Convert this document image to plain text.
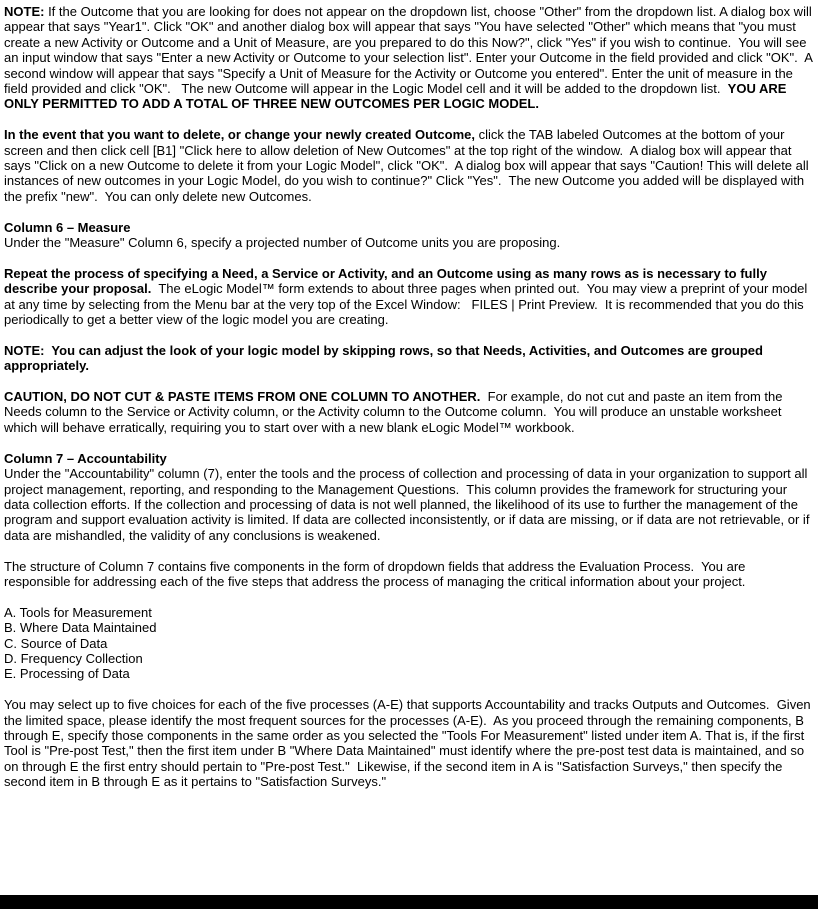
NOTE: If the Outcome that you are looking for does not appear on the dropdown list, choose "Other" from the dropdown list. A dialog box will appear that says "Year1". Click "OK" and another dialog box will appear that says "You have selected "Other" which means that "you must create a new Activity or Outcome and a Unit of Measure, are you prepared to do this Now?", click "Yes" if you wish to continue.  You will see an input window that says "Enter a new Activity or Outcome to your selection list". Enter your Outcome in the field provided and click "OK".  A second window will appear that says "Specify a Unit of Measure for the Activity or Outcome you entered". Enter the unit of measure in the field provided and click "OK".   The new Outcome will appear in the Logic Model cell and it will be added to the dropdown list.  YOU ARE ONLY PERMITTED TO ADD A TOTAL OF THREE NEW OUTCOMES PER LOGIC MODEL.
In the event that you want to delete, or change your newly created Outcome, click the TAB labeled Outcomes at the bottom of your screen and then click cell [B1] "Click here to allow deletion of New Outcomes" at the top right of the window.  A dialog box will appear that says "Click on a new Outcome to delete it from your Logic Model", click "OK".  A dialog box will appear that says "Caution! This will delete all instances of new outcomes in your Logic Model, do you wish to continue?" Click "Yes".  The new Outcome you added will be displayed with the prefix "new".  You can only delete new Outcomes.
Column 6 – Measure
Under the "Measure" Column 6, specify a projected number of Outcome units you are proposing.
Repeat the process of specifying a Need, a Service or Activity, and an Outcome using as many rows as is necessary to fully describe your proposal.  The eLogic Model™ form extends to about three pages when printed out.  You may view a preprint of your model at any time by selecting from the Menu bar at the very top of the Excel Window:   FILES | Print Preview.  It is recommended that you do this periodically to get a better view of the logic model you are creating.
NOTE:  You can adjust the look of your logic model by skipping rows, so that Needs, Activities, and Outcomes are grouped appropriately.
CAUTION, DO NOT CUT & PASTE ITEMS FROM ONE COLUMN TO ANOTHER.  For example, do not cut and paste an item from the Needs column to the Service or Activity column, or the Activity column to the Outcome column.  You will produce an unstable worksheet which will behave erratically, requiring you to start over with a new blank eLogic Model™ workbook.
Column 7 – Accountability
Under the "Accountability" column (7), enter the tools and the process of collection and processing of data in your organization to support all project management, reporting, and responding to the Management Questions.  This column provides the framework for structuring your data collection efforts. If the collection and processing of data is not well planned, the likelihood of its use to further the management of the program and support evaluation activity is limited. If data are collected inconsistently, or if data are missing, or if data are not retrievable, or if data are mishandled, the validity of any conclusions is weakened.
The structure of Column 7 contains five components in the form of dropdown fields that address the Evaluation Process.  You are responsible for addressing each of the five steps that address the process of managing the critical information about your project.
A. Tools for Measurement
B. Where Data Maintained
C. Source of Data
D. Frequency Collection
E. Processing of Data
You may select up to five choices for each of the five processes (A-E) that supports Accountability and tracks Outputs and Outcomes.  Given the limited space, please identify the most frequent sources for the processes (A-E).  As you proceed through the remaining components, B through E, specify those components in the same order as you selected the "Tools For Measurement" listed under item A. That is, if the first Tool is "Pre-post Test," then the first item under B "Where Data Maintained" must identify where the pre-post test data is maintained, and so on through E the first entry should pertain to "Pre-post Test."  Likewise, if the second item in A is "Satisfaction Surveys," then specify the second item in B through E as it pertains to "Satisfaction Surveys."
